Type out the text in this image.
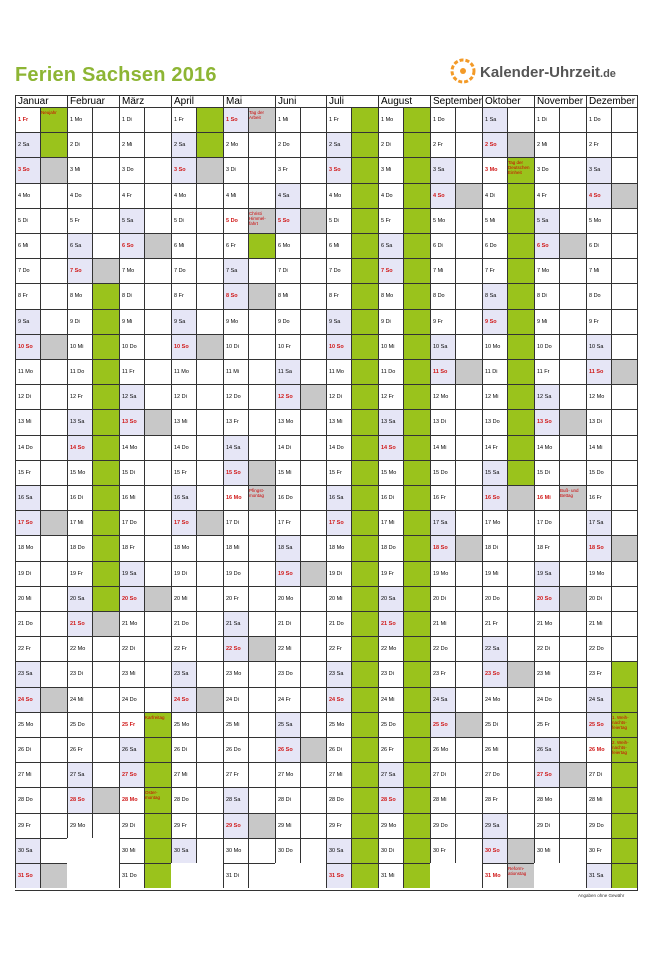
Ferien Sachsen 2016	Kalender-Uhrzeit.de
Januar
1 Fr
Neujahr
2 Sa
3 So
4 Mo
5 Di
6 Mi
7 Do
8 Fr
9 Sa
10 So
11 Mo
12 Di
13 Mi
14 Do
15 Fr
16 Sa
17 So
18 Mo
19 Di
20 Mi
21 Do
22 Fr
23 Sa
24 So
25 Mo
26 Di
27 Mi
28 Do
29 Fr
30 Sa
31 So
Februar
1 Mo
2 Di
3 Mi
4 Do
5 Fr
6 Sa
7 So
8 Mo
9 Di
10 Mi
11 Do
12 Fr
13 Sa
14 So
15 Mo
16 Di
17 Mi
18 Do
19 Fr
20 Sa
21 So
22 Mo
23 Di
24 Mi
25 Do
26 Fr
27 Sa
28 So
29 Mo
März
1 Di
2 Mi
3 Do
4 Fr
5 Sa
6 So
7 Mo
8 Di
9 Mi
10 Do
11 Fr
12 Sa
13 So
14 Mo
15 Di
16 Mi
17 Do
18 Fr
19 Sa
20 So
21 Mo
22 Di
23 Mi
24 Do
25 Fr
Karfreitag
26 Sa
27 So
28 Mo
Oster-montag
29 Di
30 Mi
31 Do
April
1 Fr
2 Sa
3 So
4 Mo
5 Di
6 Mi
7 Do
8 Fr
9 Sa
10 So
11 Mo
12 Di
13 Mi
14 Do
15 Fr
16 Sa
17 So
18 Mo
19 Di
20 Mi
21 Do
22 Fr
23 Sa
24 So
25 Mo
26 Di
27 Mi
28 Do
29 Fr
30 Sa
Mai
1 So
Tag der Arbeit
2 Mo
3 Di
4 Mi
5 Do
Christi Himmel-fahrt
6 Fr
7 Sa
8 So
9 Mo
10 Di
11 Mi
12 Do
13 Fr
14 Sa
15 So
16 Mo
Pfingst-montag
17 Di
18 Mi
19 Do
20 Fr
21 Sa
22 So
23 Mo
24 Di
25 Mi
26 Do
27 Fr
28 Sa
29 So
30 Mo
31 Di
Juni
1 Mi
2 Do
3 Fr
4 Sa
5 So
6 Mo
7 Di
8 Mi
9 Do
10 Fr
11 Sa
12 So
13 Mo
14 Di
15 Mi
16 Do
17 Fr
18 Sa
19 So
20 Mo
21 Di
22 Mi
23 Do
24 Fr
25 Sa
26 So
27 Mo
28 Di
29 Mi
30 Do
Juli
1 Fr
2 Sa
3 So
4 Mo
5 Di
6 Mi
7 Do
8 Fr
9 Sa
10 So
11 Mo
12 Di
13 Mi
14 Do
15 Fr
16 Sa
17 So
18 Mo
19 Di
20 Mi
21 Do
22 Fr
23 Sa
24 So
25 Mo
26 Di
27 Mi
28 Do
29 Fr
30 Sa
31 So
August
1 Mo
2 Di
3 Mi
4 Do
5 Fr
6 Sa
7 So
8 Mo
9 Di
10 Mi
11 Do
12 Fr
13 Sa
14 So
15 Mo
16 Di
17 Mi
18 Do
19 Fr
20 Sa
21 So
22 Mo
23 Di
24 Mi
25 Do
26 Fr
27 Sa
28 So
29 Mo
30 Di
31 Mi
September
1 Do
2 Fr
3 Sa
4 So
5 Mo
6 Di
7 Mi
8 Do
9 Fr
10 Sa
11 So
12 Mo
13 Di
14 Mi
15 Do
16 Fr
17 Sa
18 So
19 Mo
20 Di
21 Mi
22 Do
23 Fr
24 Sa
25 So
26 Mo
27 Di
28 Mi
29 Do
30 Fr
Oktober
1 Sa
2 So
3 Mo
Tag der Deutschen Einheit
4 Di
5 Mi
6 Do
7 Fr
8 Sa
9 So
10 Mo
11 Di
12 Mi
13 Do
14 Fr
15 Sa
16 So
17 Mo
18 Di
19 Mi
20 Do
21 Fr
22 Sa
23 So
24 Mo
25 Di
26 Mi
27 Do
28 Fr
29 Sa
30 So
31 Mo
Reform-ationstag
November
1 Di
2 Mi
3 Do
4 Fr
5 Sa
6 So
7 Mo
8 Di
9 Mi
10 Do
11 Fr
12 Sa
13 So
14 Mo
15 Di
16 Mi
Buß- und Bettag
17 Do
18 Fr
19 Sa
20 So
21 Mo
22 Di
23 Mi
24 Do
25 Fr
26 Sa
27 So
28 Mo
29 Di
30 Mi
Dezember
1 Do
2 Fr
3 Sa
4 So
5 Mo
6 Di
7 Mi
8 Do
9 Fr
10 Sa
11 So
12 Mo
13 Di
14 Mi
15 Do
16 Fr
17 Sa
18 So
19 Mo
20 Di
21 Mi
22 Do
23 Fr
24 Sa
25 So
1. Weih-nachts-feiertag
26 Mo
2. Weih-nachts-feiertag
27 Di
28 Mi
29 Do
30 Fr
31 Sa
Angaben ohne Gewähr
